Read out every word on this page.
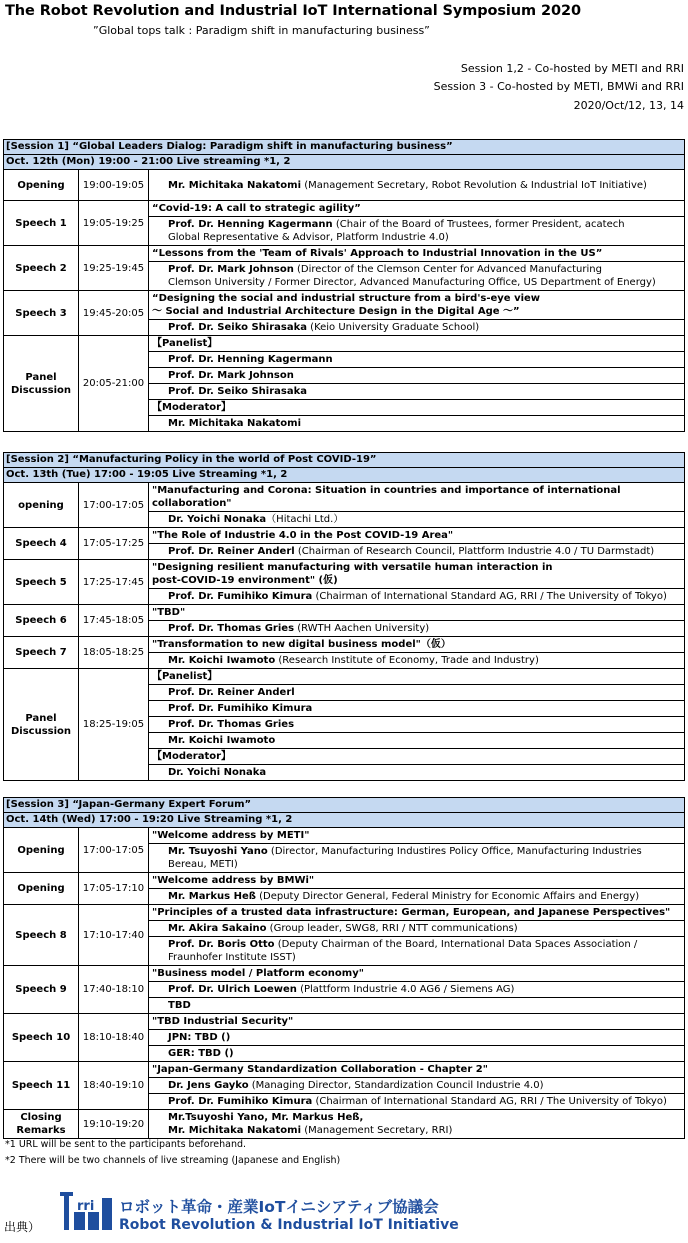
The Robot Revolution and Industrial IoT International Symposium 2020
”Global tops talk : Paradigm shift in manufacturing business”
Session 1,2 - Co-hosted by METI and RRI
Session 3 - Co-hosted by METI, BMWi and RRI
2020/Oct/12, 13, 14
[Session 1] “Global Leaders Dialog: Paradigm shift in manufacturing business”		
Oct. 12th (Mon) 19:00 - 21:00 Live streaming *1, 2		
Opening	19:00-19:05	Mr. Michitaka Nakatomi (Management Secretary, Robot Revolution & Industrial IoT Initiative)

Speech 1	19:05-19:25	“Covid-19: A call to strategic agility”

		Prof. Dr. Henning Kagermann (Chair of the Board of Trustees, former President, acatech
Global Representative & Advisor, Platform Industrie 4.0)

Speech 2	19:25-19:45	“Lessons from the 'Team of Rivals' Approach to Industrial Innovation in the US”

		Prof. Dr. Mark Johnson (Director of the Clemson Center for Advanced Manufacturing
Clemson University / Former Director, Advanced Manufacturing Office, US Department of Energy)

Speech 3	19:45-20:05	“Designing the social and industrial structure from a bird's-eye view
～ Social and Industrial Architecture Design in the Digital Age ～”

		Prof. Dr. Seiko Shirasaka (Keio University Graduate School)

Panel
Discussion	20:05-21:00	【Panelist】

		Prof. Dr. Henning Kagermann

		Prof. Dr. Mark Johnson

		Prof. Dr. Seiko Shirasaka

		【Moderator】

		Mr. Michitaka Nakatomi
[Session 2] “Manufacturing Policy in the world of Post COVID-19”		
Oct. 13th (Tue) 17:00 - 19:05 Live Streaming *1, 2		
opening	17:00-17:05	"Manufacturing and Corona: Situation in countries and importance of international
collaboration"

		Dr. Yoichi Nonaka（Hitachi Ltd.）

Speech 4	17:05-17:25	"The Role of Industrie 4.0 in the Post COVID-19 Area"

		Prof. Dr. Reiner Anderl (Chairman of Research Council, Plattform Industrie 4.0 / TU Darmstadt)

Speech 5	17:25-17:45	"Designing resilient manufacturing with versatile human interaction in
post-COVID-19 environment" (仮)

		Prof. Dr. Fumihiko Kimura (Chairman of International Standard AG, RRI / The University of Tokyo)

Speech 6	17:45-18:05	"TBD"

		Prof. Dr. Thomas Gries (RWTH Aachen University)

Speech 7	18:05-18:25	"Transformation to new digital business model"（仮）

		Mr. Koichi Iwamoto (Research Institute of Economy, Trade and Industry)

Panel
Discussion	18:25-19:05	【Panelist】

		Prof. Dr. Reiner Anderl

		Prof. Dr. Fumihiko Kimura

		Prof. Dr. Thomas Gries

		Mr. Koichi Iwamoto

		【Moderator】

		Dr. Yoichi Nonaka
[Session 3] “Japan-Germany Expert Forum”		
Oct. 14th (Wed) 17:00 - 19:20 Live Streaming *1, 2		
Opening	17:00-17:05	"Welcome address by METI"

		Mr. Tsuyoshi Yano (Director, Manufacturing Industires Policy Office, Manufacturing Industries
Bereau, METI)

Opening	17:05-17:10	"Welcome address by BMWi"

		Mr. Markus Heß (Deputy Director General, Federal Ministry for Economic Affairs and Energy)

Speech 8	17:10-17:40	"Principles of a trusted data infrastructure: German, European, and Japanese Perspectives"

		Mr. Akira Sakaino (Group leader, SWG8, RRI / NTT communications)

		Prof. Dr. Boris Otto (Deputy Chairman of the Board, International Data Spaces Association /
Fraunhofer Institute ISST)

Speech 9	17:40-18:10	"Business model / Platform economy"

		Prof. Dr. Ulrich Loewen (Plattform Industrie 4.0 AG6 / Siemens AG)

		TBD

Speech 10	18:10-18:40	"TBD Industrial Security"

		JPN: TBD ()

		GER: TBD ()

Speech 11	18:40-19:10	"Japan-Germany Standardization Collaboration - Chapter 2"

		Dr. Jens Gayko (Managing Director, Standardization Council Industrie 4.0)

		Prof. Dr. Fumihiko Kimura (Chairman of International Standard AG, RRI / The University of Tokyo)

Closing
Remarks	19:10-19:20	Mr.Tsuyoshi Yano, Mr. Markus Heß,
Mr. Michitaka Nakatomi (Management Secretary, RRI)
*1 URL will be sent to the participants beforehand.
*2 There will be two channels of live streaming (Japanese and English)
出典）
rri ロボット革命・産業IoTイニシアティブ協議会
Robot Revolution & Industrial IoT Initiative
